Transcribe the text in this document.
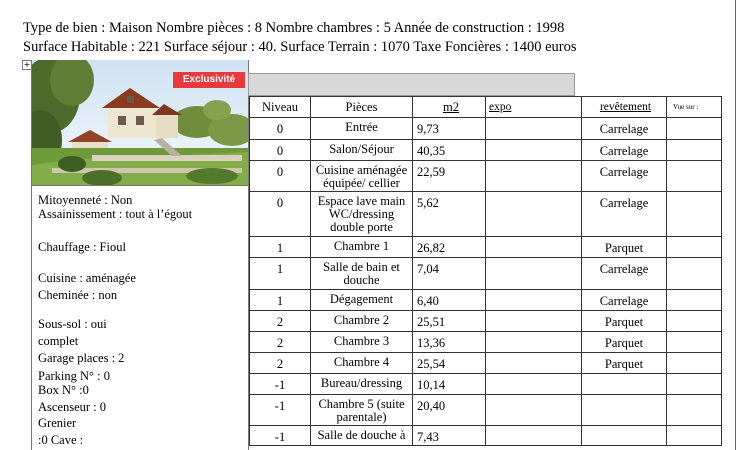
Type de bien : Maison Nombre pièces : 8 Nombre chambres : 5 Année de construction : 1998
Surface Habitable : 221 Surface séjour : 40. Surface Terrain : 1070 Taxe Foncières : 1400 euros
+
Exclusivité
Mitoyenneté : Non
Assainissement : tout à l’égout
Chauffage : Fioul
Cuisine : aménagée
Cheminée : non
Sous-sol : oui
complet
Garage places : 2
Parking N° : 0
Box N° :0
Ascenseur : 0
Grenier
:0 Cave :
Niveau	Pièces	m2	expo	revêtement	Vue sur :
0	Entrée	9,73		Carrelage	
0	Salon/Séjour	40,35		Carrelage	
0	Cuisine aménagée équipée/ cellier	22,59		Carrelage	
0	Espace lave main WC/dressing double porte	5,62		Carrelage	
1	Chambre 1	26,82		Parquet	
1	Salle de bain et douche	7,04		Carrelage	
1	Dégagement	6,40		Carrelage	
2	Chambre 2	25,51		Parquet	
2	Chambre 3	13,36		Parquet	
2	Chambre 4	25,54		Parquet	
-1	Bureau/dressing	10,14			
-1	Chambre 5 (suite parentale)	20,40			
-1	Salle de douche à	7,43			
